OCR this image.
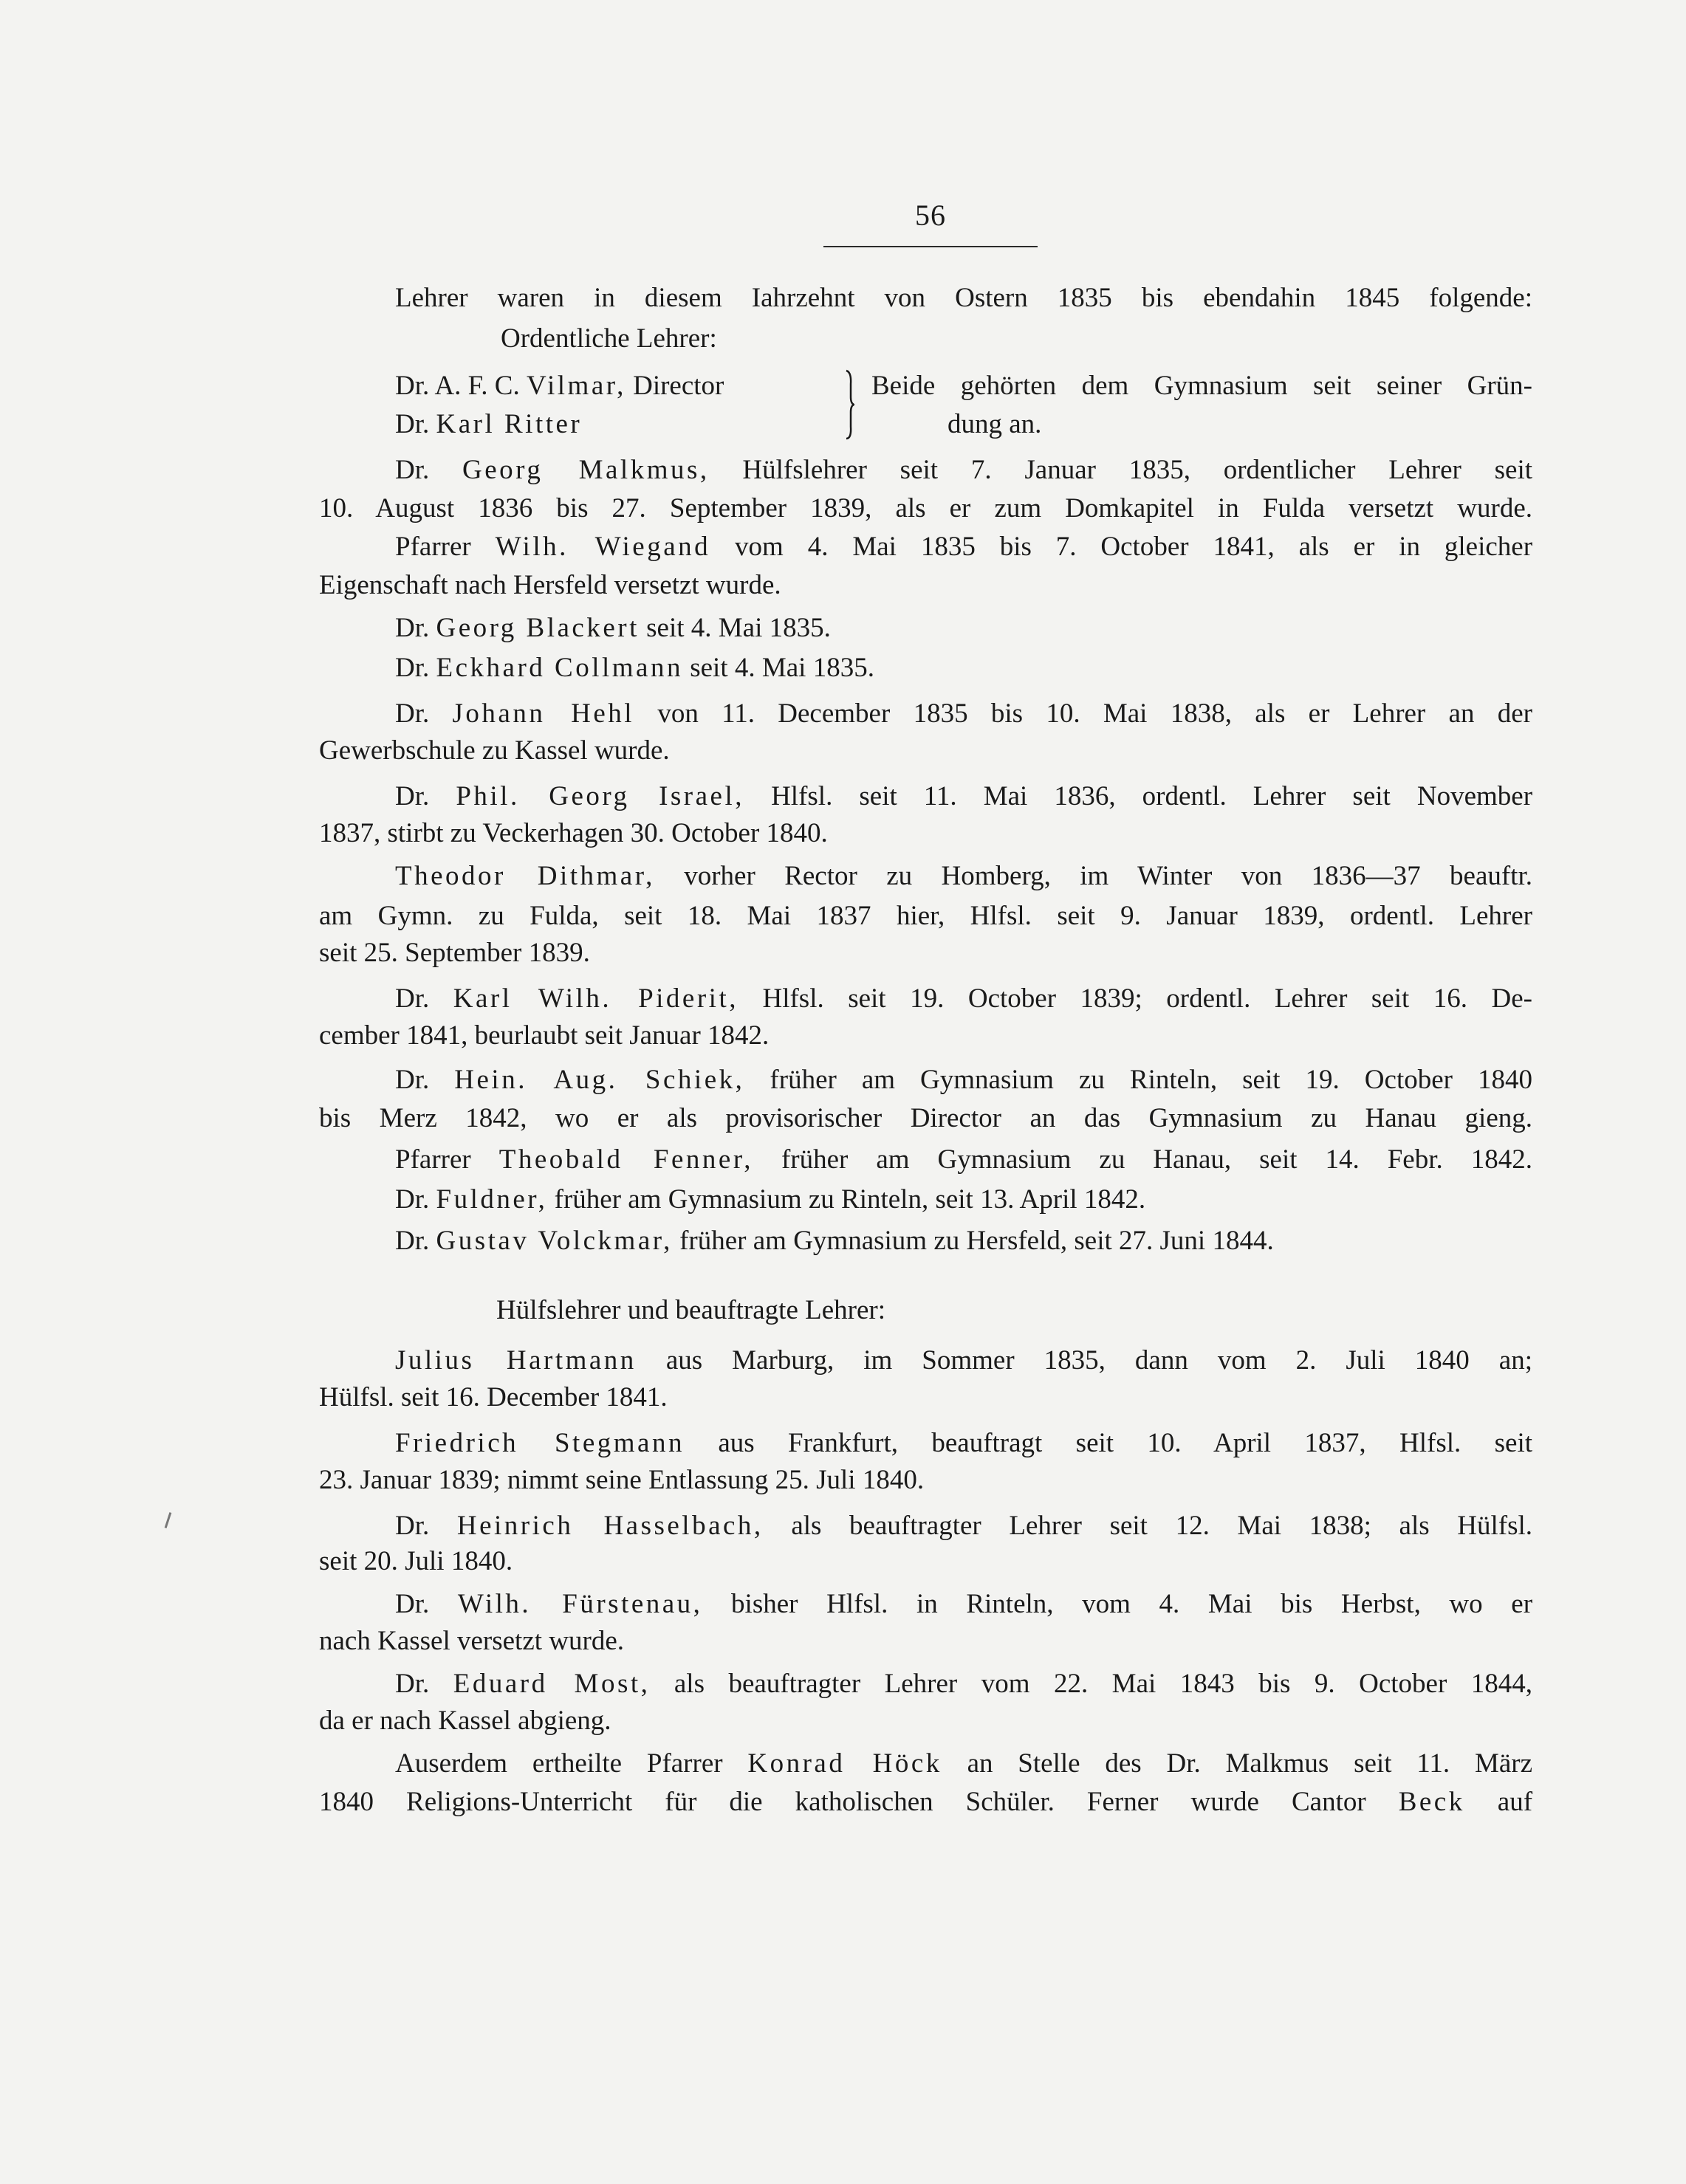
56
Lehrer waren in diesem Iahrzehnt von Ostern 1835 bis ebendahin 1845 folgende:
Ordentliche Lehrer:
Dr. A. F. C. Vilmar, Director
Dr. Karl Ritter
Beide gehörten dem Gymnasium seit seiner Grün-
dung an.
Dr. Georg Malkmus, Hülfslehrer seit 7. Januar 1835, ordentlicher Lehrer seit
10. August 1836 bis 27. September 1839, als er zum Domkapitel in Fulda versetzt wurde.
Pfarrer Wilh. Wiegand vom 4. Mai 1835 bis 7. October 1841, als er in gleicher
Eigenschaft nach Hersfeld versetzt wurde.
Dr. Georg Blackert seit 4. Mai 1835.
Dr. Eckhard Collmann seit 4. Mai 1835.
Dr. Johann Hehl von 11. December 1835 bis 10. Mai 1838, als er Lehrer an der
Gewerbschule zu Kassel wurde.
Dr. Phil. Georg Israel, Hlfsl. seit 11. Mai 1836, ordentl. Lehrer seit November
1837, stirbt zu Veckerhagen 30. October 1840.
Theodor Dithmar, vorher Rector zu Homberg, im Winter von 1836—37 beauftr.
am Gymn. zu Fulda, seit 18. Mai 1837 hier, Hlfsl. seit 9. Januar 1839, ordentl. Lehrer
seit 25. September 1839.
Dr. Karl Wilh. Piderit, Hlfsl. seit 19. October 1839; ordentl. Lehrer seit 16. De-
cember 1841, beurlaubt seit Januar 1842.
Dr. Hein. Aug. Schiek, früher am Gymnasium zu Rinteln, seit 19. October 1840
bis Merz 1842, wo er als provisorischer Director an das Gymnasium zu Hanau gieng.
Pfarrer Theobald Fenner, früher am Gymnasium zu Hanau, seit 14. Febr. 1842.
Dr. Fuldner, früher am Gymnasium zu Rinteln, seit 13. April 1842.
Dr. Gustav Volckmar, früher am Gymnasium zu Hersfeld, seit 27. Juni 1844.
Hülfslehrer und beauftragte Lehrer:
Julius Hartmann aus Marburg, im Sommer 1835, dann vom 2. Juli 1840 an;
Hülfsl. seit 16. December 1841.
Friedrich Stegmann aus Frankfurt, beauftragt seit 10. April 1837, Hlfsl. seit
23. Januar 1839; nimmt seine Entlassung 25. Juli 1840.
Dr. Heinrich Hasselbach, als beauftragter Lehrer seit 12. Mai 1838; als Hülfsl.
seit 20. Juli 1840.
Dr. Wilh. Fürstenau, bisher Hlfsl. in Rinteln, vom 4. Mai bis Herbst, wo er
nach Kassel versetzt wurde.
Dr. Eduard Most, als beauftragter Lehrer vom 22. Mai 1843 bis 9. October 1844,
da er nach Kassel abgieng.
Auserdem ertheilte Pfarrer Konrad Höck an Stelle des Dr. Malkmus seit 11. März
1840 Religions-Unterricht für die katholischen Schüler. Ferner wurde Cantor Beck auf
